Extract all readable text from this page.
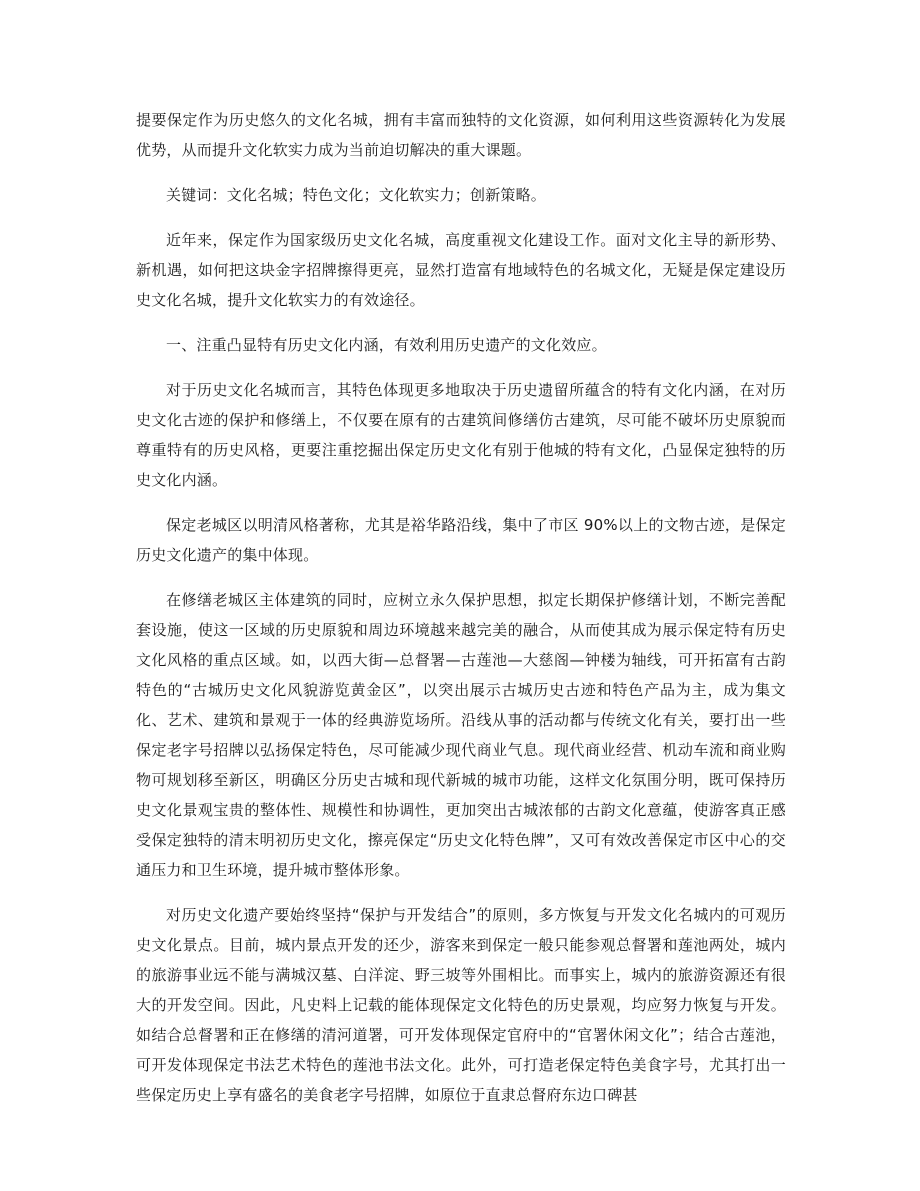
提要保定作为历史悠久的文化名城，拥有丰富而独特的文化资源，如何利用这些资源转化为发展优势，从而提升文化软实力成为当前迫切解决的重大课题。

关键词：文化名城；特色文化；文化软实力；创新策略。

近年来，保定作为国家级历史文化名城，高度重视文化建设工作。面对文化主导的新形势、新机遇，如何把这块金字招牌擦得更亮，显然打造富有地域特色的名城文化，无疑是保定建设历史文化名城，提升文化软实力的有效途径。

一、注重凸显特有历史文化内涵，有效利用历史遗产的文化效应。

对于历史文化名城而言，其特色体现更多地取决于历史遗留所蕴含的特有文化内涵，在对历史文化古迹的保护和修缮上，不仅要在原有的古建筑间修缮仿古建筑，尽可能不破坏历史原貌而尊重特有的历史风格，更要注重挖掘出保定历史文化有别于他城的特有文化，凸显保定独特的历史文化内涵。

保定老城区以明清风格著称，尤其是裕华路沿线，集中了市区 90%以上的文物古迹，是保定历史文化遗产的集中体现。

在修缮老城区主体建筑的同时，应树立永久保护思想，拟定长期保护修缮计划，不断完善配套设施，使这一区域的历史原貌和周边环境越来越完美的融合，从而使其成为展示保定特有历史文化风格的重点区域。如，以西大街—总督署—古莲池—大慈阁—钟楼为轴线，可开拓富有古韵特色的“古城历史文化风貌游览黄金区”，以突出展示古城历史古迹和特色产品为主，成为集文化、艺术、建筑和景观于一体的经典游览场所。沿线从事的活动都与传统文化有关，要打出一些保定老字号招牌以弘扬保定特色，尽可能减少现代商业气息。现代商业经营、机动车流和商业购物可规划移至新区，明确区分历史古城和现代新城的城市功能，这样文化氛围分明，既可保持历史文化景观宝贵的整体性、规模性和协调性，更加突出古城浓郁的古韵文化意蕴，使游客真正感受保定独特的清末明初历史文化，擦亮保定“历史文化特色牌”，又可有效改善保定市区中心的交通压力和卫生环境，提升城市整体形象。

对历史文化遗产要始终坚持“保护与开发结合”的原则，多方恢复与开发文化名城内的可观历史文化景点。目前，城内景点开发的还少，游客来到保定一般只能参观总督署和莲池两处，城内的旅游事业远不能与满城汉墓、白洋淀、野三坡等外围相比。而事实上，城内的旅游资源还有很大的开发空间。因此，凡史料上记载的能体现保定文化特色的历史景观，均应努力恢复与开发。如结合总督署和正在修缮的清河道署，可开发体现保定官府中的“官署休闲文化”；结合古莲池，可开发体现保定书法艺术特色的莲池书法文化。此外，可打造老保定特色美食字号，尤其打出一些保定历史上享有盛名的美食老字号招牌，如原位于直隶总督府东边口碑甚
